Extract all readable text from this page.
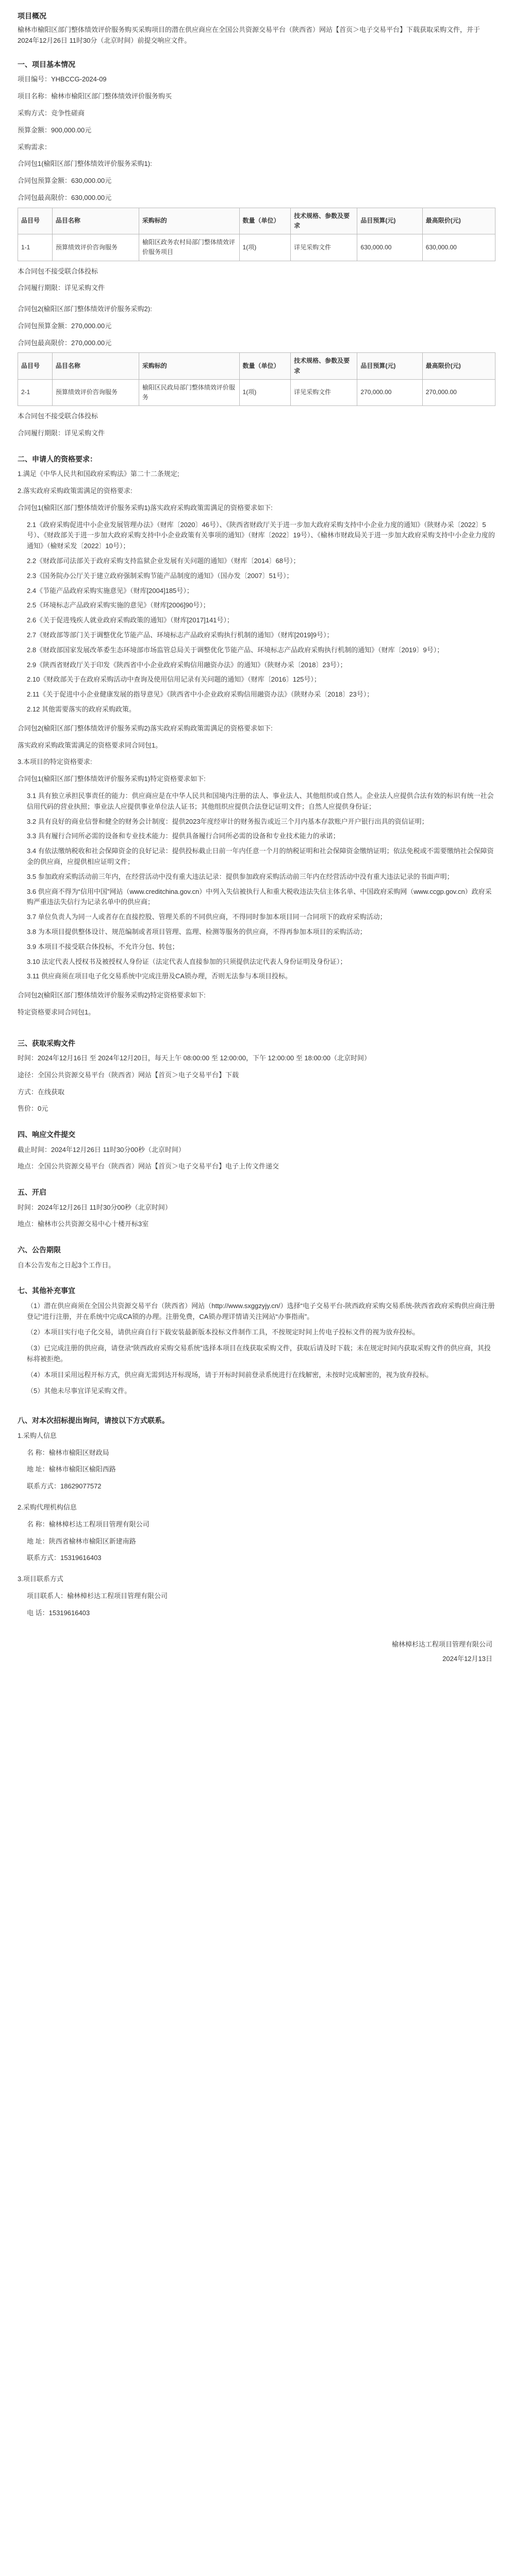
项目概况

榆林市榆阳区部门整体绩效评价服务购买采购项目的潜在供应商应在全国公共资源交易平台（陕西省）网站【首页＞电子交易平台】下载获取采购文件，并于 2024年12月26日 11时30分（北京时间）前提交响应文件。

一、项目基本情况

项目编号：YHBCCG-2024-09

项目名称：榆林市榆阳区部门整体绩效评价服务购买

采购方式：竞争性磋商

预算金额：900,000.00元

采购需求：

合同包1(榆阳区部门整体绩效评价服务采购1):

合同包预算金额：630,000.00元

合同包最高限价：630,000.00元

品目号	品目名称	采购标的	数量（单位）	技术规格、参数及要求	品目预算(元)	最高限价(元)
1-1	预算绩效评价咨询服务	榆阳区政务农村局部门整体绩效评价服务项目	1(项)	详见采购文件	630,000.00	630,000.00

本合同包不接受联合体投标

合同履行期限：详见采购文件

合同包2(榆阳区部门整体绩效评价服务采购2):

合同包预算金额：270,000.00元

合同包最高限价：270,000.00元

品目号	品目名称	采购标的	数量（单位）	技术规格、参数及要求	品目预算(元)	最高限价(元)
2-1	预算绩效评价咨询服务	榆阳区民政局部门整体绩效评价服务	1(项)	详见采购文件	270,000.00	270,000.00

本合同包不接受联合体投标

合同履行期限：详见采购文件

二、申请人的资格要求：

1.满足《中华人民共和国政府采购法》第二十二条规定;

2.落实政府采购政策需满足的资格要求:

合同包1(榆阳区部门整体绩效评价服务采购1)落实政府采购政策需满足的资格要求如下:

2.1《政府采购促进中小企业发展管理办法》（财库〔2020〕46号）、《陕西省财政厅关于进一步加大政府采购支持中小企业力度的通知》（陕财办采〔2022〕5号）、《财政部关于进一步加大政府采购支持中小企业政策有关事项的通知》（财库〔2022〕19号）、《榆林市财政局关于进一步加大政府采购支持中小企业力度的通知》（榆财采发〔2022〕10号）；

2.2《财政部司法部关于政府采购支持监狱企业发展有关问题的通知》（财库〔2014〕68号）；

2.3《国务院办公厅关于建立政府强制采购节能产品制度的通知》（国办发〔2007〕51号）；

2.4《节能产品政府采购实施意见》（财库[2004]185号）；

2.5《环境标志产品政府采购实施的意见》（财库[2006]90号）；

2.6《关于促进残疾人就业政府采购政策的通知》（财库[2017]141号）；

2.7《财政部等部门关于调整优化节能产品、环境标志产品政府采购执行机制的通知》（财库[2019]9号）；

2.8《财政部国家发展改革委生态环境部市场监管总局关于调整优化节能产品、环境标志产品政府采购执行机制的通知》（财库〔2019〕9号）；

2.9《陕西省财政厅关于印发《陕西省中小企业政府采购信用融资办法》的通知》（陕财办采〔2018〕23号）；

2.10《财政部关于在政府采购活动中查询及使用信用记录有关问题的通知》（财库〔2016〕125号）；

2.11《关于促进中小企业健康发展的指导意见》《陕西省中小企业政府采购信用融资办法》（陕财办采〔2018〕23号）；

2.12 其他需要落实的政府采购政策。

合同包2(榆阳区部门整体绩效评价服务采购2)落实政府采购政策需满足的资格要求如下:

落实政府采购政策需满足的资格要求同合同包1。

3.本项目的特定资格要求:

合同包1(榆阳区部门整体绩效评价服务采购1)特定资格要求如下:

3.1 具有独立承担民事责任的能力：供应商应是在中华人民共和国境内注册的法人、事业法人、其他组织或自然人。企业法人应提供合法有效的标识有统一社会信用代码的营业执照；事业法人应提供事业单位法人证书；其他组织应提供合法登记证明文件；自然人应提供身份证；

3.2 具有良好的商业信誉和健全的财务会计制度：提供2023年度经审计的财务报告或近三个月内基本存款账户开户银行出具的资信证明；

3.3 具有履行合同所必需的设备和专业技术能力：提供具备履行合同所必需的设备和专业技术能力的承诺；

3.4 有依法缴纳税收和社会保障资金的良好记录：提供投标截止日前一年内任意一个月的纳税证明和社会保障资金缴纳证明；依法免税或不需要缴纳社会保障资金的供应商，应提供相应证明文件；

3.5 参加政府采购活动前三年内，在经营活动中没有重大违法记录：提供参加政府采购活动前三年内在经营活动中没有重大违法记录的书面声明；

3.6 供应商不得为“信用中国”网站（www.creditchina.gov.cn）中列入失信被执行人和重大税收违法失信主体名单、中国政府采购网（www.ccgp.gov.cn）政府采购严重违法失信行为记录名单中的供应商；

3.7 单位负责人为同一人或者存在直接控股、管理关系的不同供应商，不得同时参加本项目同一合同项下的政府采购活动；

3.8 为本项目提供整体设计、规范编制或者项目管理、监理、检测等服务的供应商，不得再参加本项目的采购活动；

3.9 本项目不接受联合体投标，不允许分包、转包；

3.10 法定代表人授权书及被授权人身份证（法定代表人直接参加的只须提供法定代表人身份证明及身份证）；

3.11 供应商须在项目电子化交易系统中完成注册及CA锁办理，否则无法参与本项目投标。

合同包2(榆阳区部门整体绩效评价服务采购2)特定资格要求如下:

特定资格要求同合同包1。

三、获取采购文件

时间：2024年12月16日 至 2024年12月20日，每天上午 08:00:00 至 12:00:00，下午 12:00:00 至 18:00:00（北京时间）

途径：全国公共资源交易平台（陕西省）网站【首页＞电子交易平台】下载

方式：在线获取

售价：0元

四、响应文件提交

截止时间：2024年12月26日 11时30分00秒（北京时间）

地点：全国公共资源交易平台（陕西省）网站【首页＞电子交易平台】电子上传文件递交

五、开启

时间：2024年12月26日 11时30分00秒（北京时间）

地点：榆林市公共资源交易中心十楼开标3室

六、公告期限

自本公告发布之日起3个工作日。

七、其他补充事宜

（1）潜在供应商须在全国公共资源交易平台（陕西省）网站（http://www.sxggzyjy.cn/）选择“电子交易平台-陕西政府采购交易系统-陕西省政府采购供应商注册登记”进行注册，并在系统中完成CA锁的办理。注册免费，CA锁办理详情请关注网站“办事指南”。

（2）本项目实行电子化交易，请供应商自行下载安装最新版本投标文件制作工具，不按规定时间上传电子投标文件的视为放弃投标。

（3）已完成注册的供应商，请登录“陕西政府采购交易系统”选择本项目在线获取采购文件，获取后请及时下载；未在规定时间内获取采购文件的供应商，其投标将被拒绝。

（4）本项目采用远程开标方式，供应商无需到达开标现场，请于开标时间前登录系统进行在线解密，未按时完成解密的，视为放弃投标。

（5）其他未尽事宜详见采购文件。

八、对本次招标提出询问，请按以下方式联系。

1.采购人信息

名 称：榆林市榆阳区财政局

地 址：榆林市榆阳区榆阳西路

联系方式：18629077572

2.采购代理机构信息

名 称：榆林樟杉达工程项目管理有限公司

地 址：陕西省榆林市榆阳区新建南路

联系方式：15319616403

3.项目联系方式

项目联系人：榆林樟杉达工程项目管理有限公司

电 话：15319616403

榆林樟杉达工程项目管理有限公司

2024年12月13日
